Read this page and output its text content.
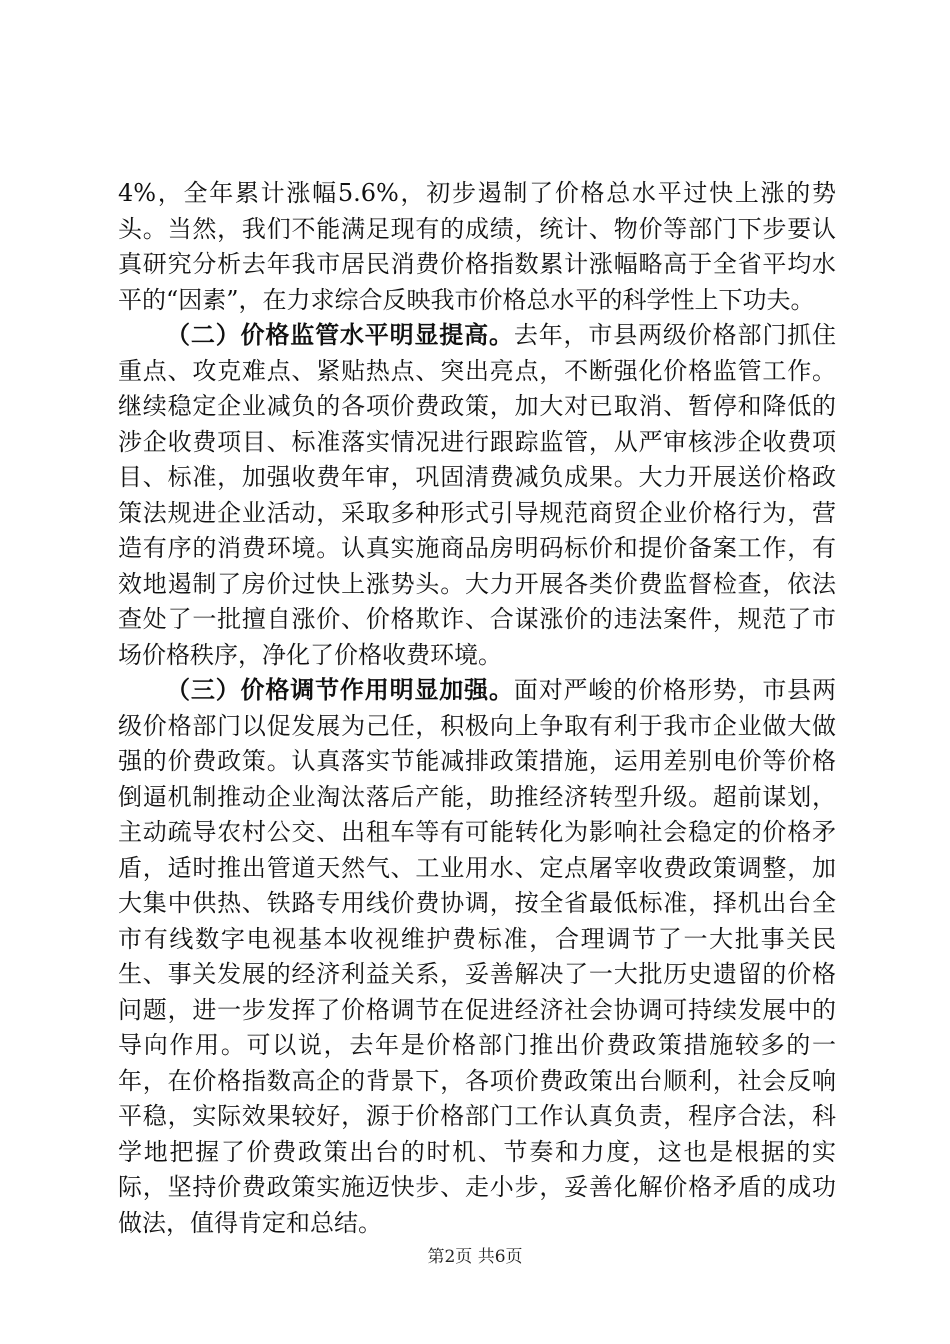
4%，全年累计涨幅5.6%，初步遏制了价格总水平过快上涨的势头。当然，我们不能满足现有的成绩，统计、物价等部门下步要认真研究分析去年我市居民消费价格指数累计涨幅略高于全省平均水平的“因素”，在力求综合反映我市价格总水平的科学性上下功夫。

（二）价格监管水平明显提高。去年，市县两级价格部门抓住重点、攻克难点、紧贴热点、突出亮点，不断强化价格监管工作。继续稳定企业减负的各项价费政策，加大对已取消、暂停和降低的涉企收费项目、标准落实情况进行跟踪监管，从严审核涉企收费项目、标准，加强收费年审，巩固清费减负成果。大力开展送价格政策法规进企业活动，采取多种形式引导规范商贸企业价格行为，营造有序的消费环境。认真实施商品房明码标价和提价备案工作，有效地遏制了房价过快上涨势头。大力开展各类价费监督检查，依法查处了一批擅自涨价、价格欺诈、合谋涨价的违法案件，规范了市场价格秩序，净化了价格收费环境。

（三）价格调节作用明显加强。面对严峻的价格形势，市县两级价格部门以促发展为己任，积极向上争取有利于我市企业做大做强的价费政策。认真落实节能减排政策措施，运用差别电价等价格倒逼机制推动企业淘汰落后产能，助推经济转型升级。超前谋划，主动疏导农村公交、出租车等有可能转化为影响社会稳定的价格矛盾，适时推出管道天然气、工业用水、定点屠宰收费政策调整，加大集中供热、铁路专用线价费协调，按全省最低标准，择机出台全市有线数字电视基本收视维护费标准，合理调节了一大批事关民生、事关发展的经济利益关系，妥善解决了一大批历史遗留的价格问题，进一步发挥了价格调节在促进经济社会协调可持续发展中的导向作用。可以说，去年是价格部门推出价费政策措施较多的一年，在价格指数高企的背景下，各项价费政策出台顺利，社会反响平稳，实际效果较好，源于价格部门工作认真负责，程序合法，科学地把握了价费政策出台的时机、节奏和力度，这也是根据的实际，坚持价费政策实施迈快步、走小步，妥善化解价格矛盾的成功做法，值得肯定和总结。

第2页 共6页
